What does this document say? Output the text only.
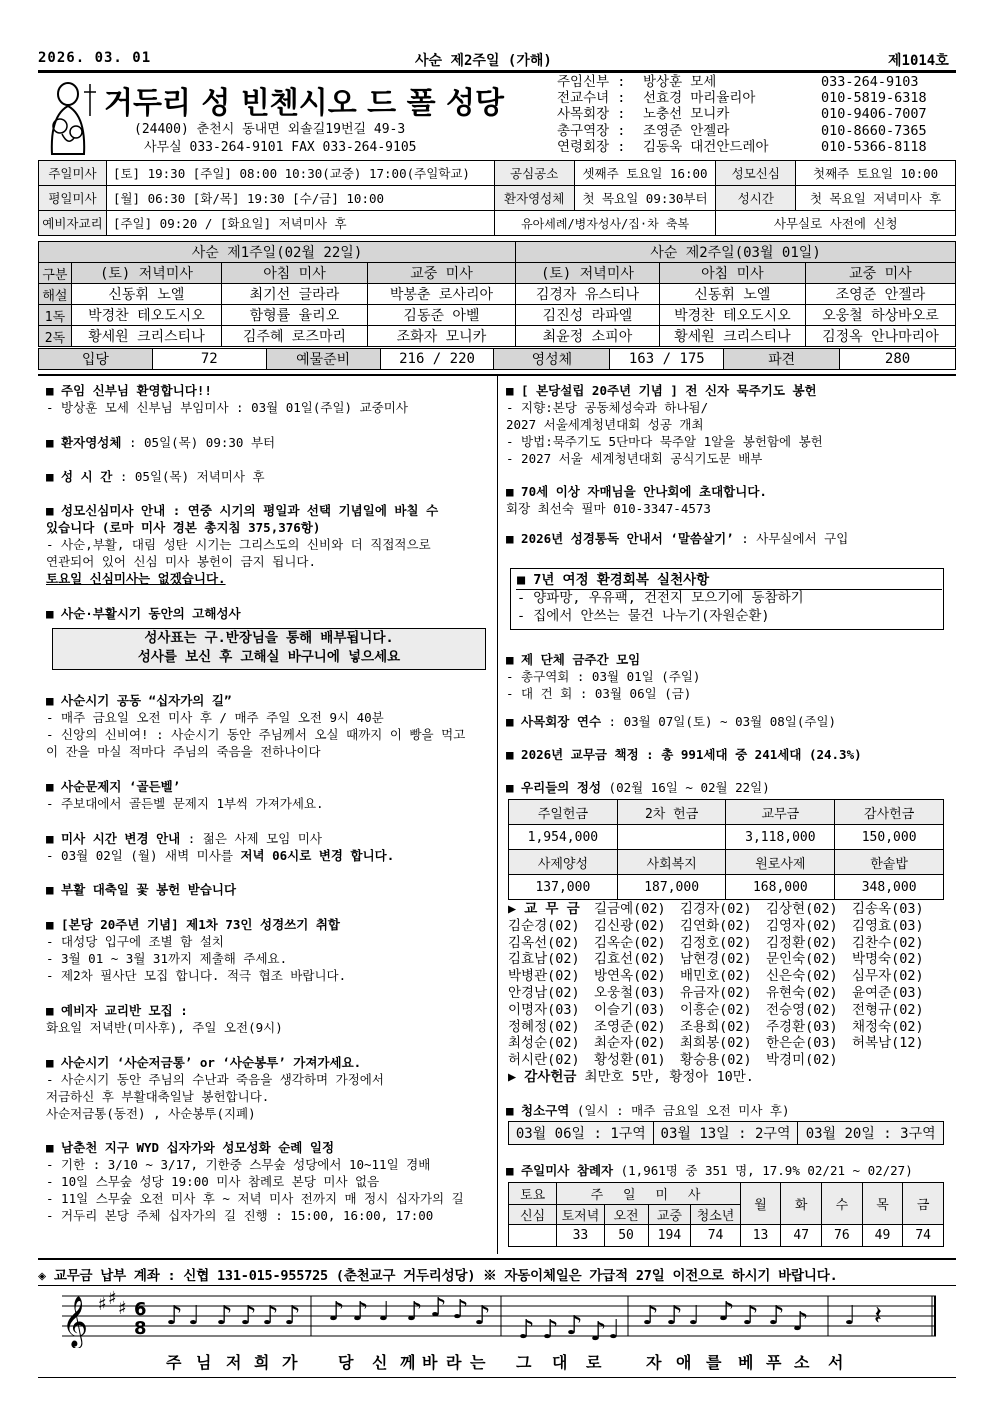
2026. 03. 01	사순 제2주일 (가해)	제1014호
거두리 성 빈첸시오 드 폴 성당
(24400) 춘천시 동내면 외솔길19번길 49-3
사무실 033-264-9101 FAX 033-264-9105
주임신부 : 방상훈 모세	033-264-9103
전교수녀 : 선효경 마리율리아	010-5819-6318
사목회장 : 노충선 모니카	010-9406-7007
총구역장 : 조영준 안젤라	010-8660-7365
연령회장 : 김동욱 대건안드레아	010-5366-8118
주일미사	[토] 19:30 [주일] 08:00 10:30(교중) 17:00(주일학교)	공심공소	셋째주 토요일 16:00	성모신심	첫째주 토요일 10:00
평일미사	[월] 06:30 [화/목] 19:30 [수/금] 10:00	환자영성체	첫 목요일 09:30부터	성시간	첫 목요일 저녁미사 후
예비자교리	[주일] 09:20 / [화요일] 저녁미사 후	유아세례/병자성사/집·차 축복		사무실로 사전에 신청	
사순 제1주일(02월 22일)				사순 제2주일(03월 01일)		
구분	(토) 저녁미사	아침 미사	교중 미사	(토) 저녁미사	아침 미사	교중 미사
해설	신동휘 노엘	최기선 글라라	박봉춘 로사리아	김경자 유스티나	신동휘 노엘	조영준 안젤라
1독	박경찬 테오도시오	함형률 율리오	김동준 아벨	김진성 라파엘	박경찬 테오도시오	오웅철 하상바오로
2독	황세원 크리스티나	김주혜 로즈마리	조화자 모니카	최윤정 소피아	황세원 크리스티나	김정옥 안나마리아
입당	72	예물준비	216 / 220	영성체	163 / 175	파견	280
■ 주임 신부님 환영합니다!!
- 방상훈 모세 신부님 부임미사 : 03월 01일(주일) 교중미사
■ 환자영성체 : 05일(목) 09:30 부터
■ 성 시 간 : 05일(목) 저녁미사 후
■ 성모신심미사 안내 : 연중 시기의 평일과 선택 기념일에 바칠 수
있습니다 (로마 미사 경본 총지침 375,376항)
- 사순,부활, 대림 성탄 시기는 그리스도의 신비와 더 직접적으로
연관되어 있어 신심 미사 봉헌이 금지 됩니다.
토요일 신심미사는 없겠습니다.
■ 사순·부활시기 동안의 고해성사
성사표는 구.반장님을 통해 배부됩니다.
성사를 보신 후 고해실 바구니에 넣으세요
■ 사순시기 공동 “십자가의 길”
- 매주 금요일 오전 미사 후 / 매주 주일 오전 9시 40분
- 신앙의 신비여! : 사순시기 동안 주님께서 오실 때까지 이 빵을 먹고
이 잔을 마실 적마다 주님의 죽음을 전하나이다
■ 사순문제지 ‘골든벨’
- 주보대에서 골든벨 문제지 1부씩 가져가세요.
■ 미사 시간 변경 안내 : 젊은 사제 모임 미사
- 03월 02일 (월) 새벽 미사를 저녁 06시로 변경 합니다.
■ 부활 대축일 꽃 봉헌 받습니다
■ [본당 20주년 기념] 제1차 73인 성경쓰기 취합
- 대성당 입구에 조별 함 설치
- 3월 01 ~ 3월 31까지 제출해 주세요.
- 제2차 필사단 모집 합니다. 적극 협조 바랍니다.
■ 예비자 교리반 모집 :
화요일 저녁반(미사후), 주일 오전(9시)
■ 사순시기 ‘사순저금통’ or ‘사순봉투’ 가져가세요.
- 사순시기 동안 주님의 수난과 죽음을 생각하며 가정에서
저금하신 후 부활대축일날 봉헌합니다.
사순저금통(동전) , 사순봉투(지폐)
■ 남춘천 지구 WYD 십자가와 성모성화 순례 일정
- 기한 : 3/10 ~ 3/17, 기한중 스무숲 성당에서 10~11일 경배
- 10일 스무숲 성당 19:00 미사 참례로 본당 미사 없음
- 11일 스무숲 오전 미사 후 ~ 저녁 미사 전까지 매 정시 십자가의 길
- 거두리 본당 주체 십자가의 길 진행 : 15:00, 16:00, 17:00
■ [ 본당설립 20주년 기념 ] 전 신자 묵주기도 봉헌
- 지향:본당 공동체성숙과 하나됨/
2027 서울세계청년대회 성공 개최
- 방법:묵주기도 5단마다 묵주알 1알을 봉헌함에 봉헌
- 2027 서울 세계청년대회 공식기도문 배부
■ 70세 이상 자매님을 안나회에 초대합니다.
회장 최선숙 필마 010-3347-4573
■ 2026년 성경통독 안내서 ‘말씀살기’ : 사무실에서 구입
■ 7년 여정 환경회복 실천사항
- 양파망, 우유팩, 건전지 모으기에 동참하기
- 집에서 안쓰는 물건 나누기(자원순환)
■ 제 단체 금주간 모임
- 총구역회 : 03월 01일 (주일)
- 대 건 회 : 03월 06일 (금)
■ 사목회장 연수 : 03월 07일(토) ~ 03월 08일(주일)
■ 2026년 교무금 책정 : 총 991세대 중 241세대 (24.3%)
■ 우리들의 정성 (02월 16일 ~ 02월 22일)
주일헌금	2차 헌금	교무금	감사헌금
1,954,000		3,118,000	150,000
사제양성	사회복지	원로사제	한솥밥
137,000	187,000	168,000	348,000
▶ 교 무 금 길금예(02) 김경자(02) 김상현(02) 김송옥(03)
김순경(02) 김신광(02) 김연화(02) 김영자(02) 김영효(03)
김옥선(02) 김옥순(02) 김정호(02) 김정환(02) 김찬수(02)
김효남(02) 김효선(02) 남현경(02) 문인숙(02) 박명숙(02)
박병관(02) 방연옥(02) 배민호(02) 신은숙(02) 심무자(02)
안경남(02) 오웅철(03) 유금자(02) 유현숙(02) 윤여준(03)
이명자(03) 이슬기(03) 이흥순(02) 전승영(02) 전형규(02)
정혜정(02) 조영준(02) 조용희(02) 주경환(03) 채정숙(02)
최성순(02) 최순자(02) 최희봉(02) 한은순(03) 허복남(12)
허시란(02) 황성환(01) 황승용(02) 박경미(02)
▶ 감사헌금 최만호 5만, 황정아 10만.
■ 청소구역 (일시 : 매주 금요일 오전 미사 후)
03월 06일 : 1구역	03월 13일 : 2구역	03월 20일 : 3구역
■ 주일미사 참례자 (1,961명 중 351 명, 17.9% 02/21 ~ 02/27)
토요	주 일 미 사				월	화	수	목	금
신심	토저녁	오전	교중	청소년					
	33	50	194	74	13	47	76	49	74
◈ 교무금 납부 계좌 : 신협 131-015-955725 (춘천교구 거두리성당) ※ 자동이체일은 가급적 27일 이전으로 하시기 바랍니다.
𝄞 ♯ ♯ ♯ 6
8 ♪ ♩ ♪ ♪ ♪ ♪ ♪ ♪ ♩ ♪ ♪ ♪ ♪ ♪ ♪ ♪ ♪ ♩ ♪ ♪ ♩ ♪ ♪ ♪ ♪ ♩ 𝄽
주 님 저 희 가	당 신 께 바 라 는 그 대 로	자 애 를 베 푸 소 서
